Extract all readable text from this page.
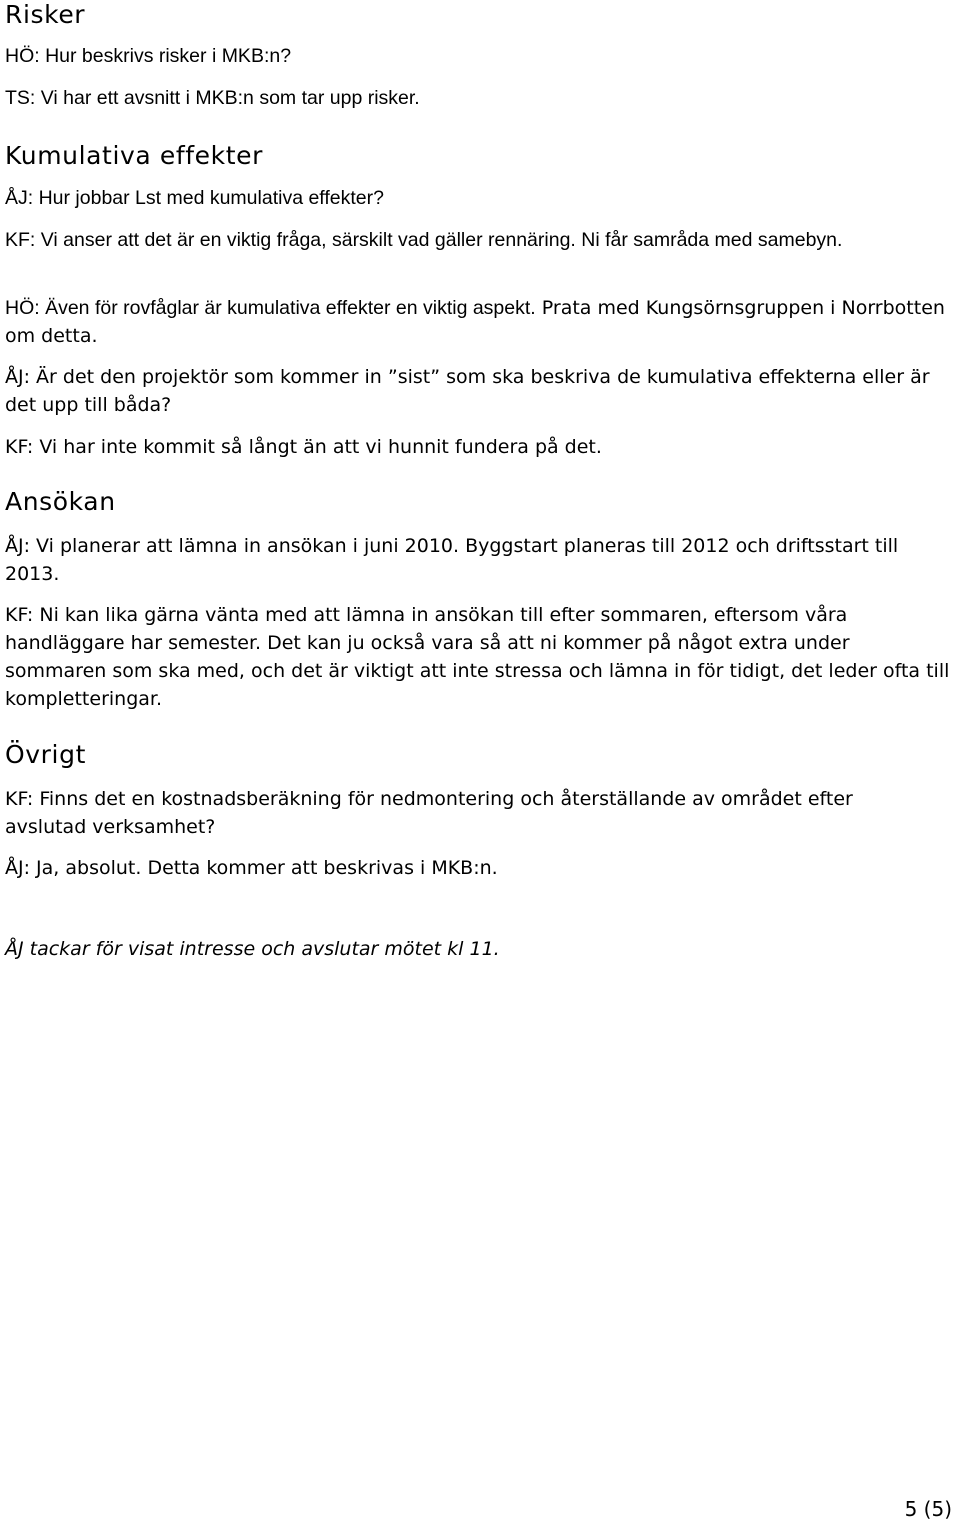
Risker

HÖ: Hur beskrivs risker i MKB:n?

TS: Vi har ett avsnitt i MKB:n som tar upp risker.

Kumulativa effekter

ÅJ: Hur jobbar Lst med kumulativa effekter?

KF: Vi anser att det är en viktig fråga, särskilt vad gäller rennäring. Ni får samråda med samebyn.

HÖ: Även för rovfåglar är kumulativa effekter en viktig aspekt. Prata med Kungsörnsgruppen i Norrbotten om detta.

ÅJ: Är det den projektör som kommer in ”sist” som ska beskriva de kumulativa effekterna eller är det upp till båda?

KF: Vi har inte kommit så långt än att vi hunnit fundera på det.

Ansökan

ÅJ: Vi planerar att lämna in ansökan i juni 2010. Byggstart planeras till 2012 och driftsstart till 2013.

KF: Ni kan lika gärna vänta med att lämna in ansökan till efter sommaren, eftersom våra handläggare har semester. Det kan ju också vara så att ni kommer på något extra under sommaren som ska med, och det är viktigt att inte stressa och lämna in för tidigt, det leder ofta till kompletteringar.

Övrigt

KF: Finns det en kostnadsberäkning för nedmontering och återställande av området efter avslutad verksamhet?

ÅJ: Ja, absolut. Detta kommer att beskrivas i MKB:n.

ÅJ tackar för visat intresse och avslutar mötet kl 11.

5 (5)
